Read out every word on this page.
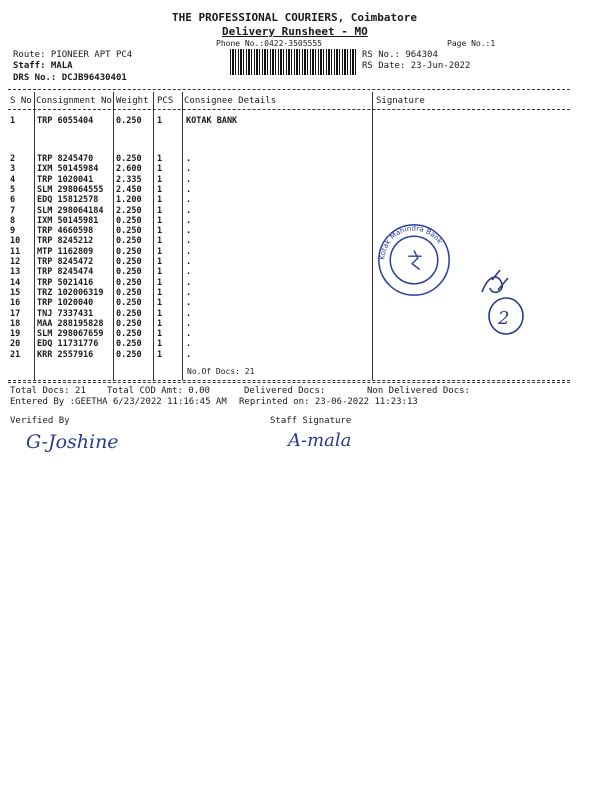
THE PROFESSIONAL COURIERS, Coimbatore
Delivery Runsheet - MO
Phone No.:0422-3505555	Page No.:1
Route: PIONEER APT PC4
Staff: MALA
DRS No.: DCJB96430401
RS No.: 964304
RS Date: 23-Jun-2022
S No Consignment No Weight PCS Consignee Details	Signature
1	TRP 6055404	0.250 1	KOTAK BANK
2	TRP 8245470	0.250 1	.
3	IXM 50145984 2.600 1	.
4	TRP 1020041	2.335 1	.
5	SLM 298064555 2.450 1	.
6	EDQ 15812578 1.200 1	.
7	SLM 298064184 2.250 1	.
8	IXM 50145981 0.250 1	.
9	TRP 4660598	0.250 1	.
10 TRP 8245212	0.250 1	.
11 MTP 1162809	0.250 1	.
12 TRP 8245472	0.250 1	.
13 TRP 8245474	0.250 1	.
14 TRP 5021416	0.250 1	.
15 TRZ 102006319 0.250 1	.
16 TRP 1020040	0.250 1	.
17 TNJ 7337431	0.250 1	.
18 MAA 288195828 0.250 1	.
19 SLM 298067659 0.250 1	.
20 EDQ 11731776 0.250 1	.
21 KRR 2557916	0.250 1	.
No.Of Docs: 21
Kotak Mahindra Bank
2
Total Docs: 21 Total COD Amt: 0.00	Delivered Docs:	Non Delivered Docs:
Entered By :GEETHA 6/23/2022 11:16:45 AM Reprinted on: 23-06-2022 11:23:13
Verified By	Staff Signature
G-Joshine	A-mala
